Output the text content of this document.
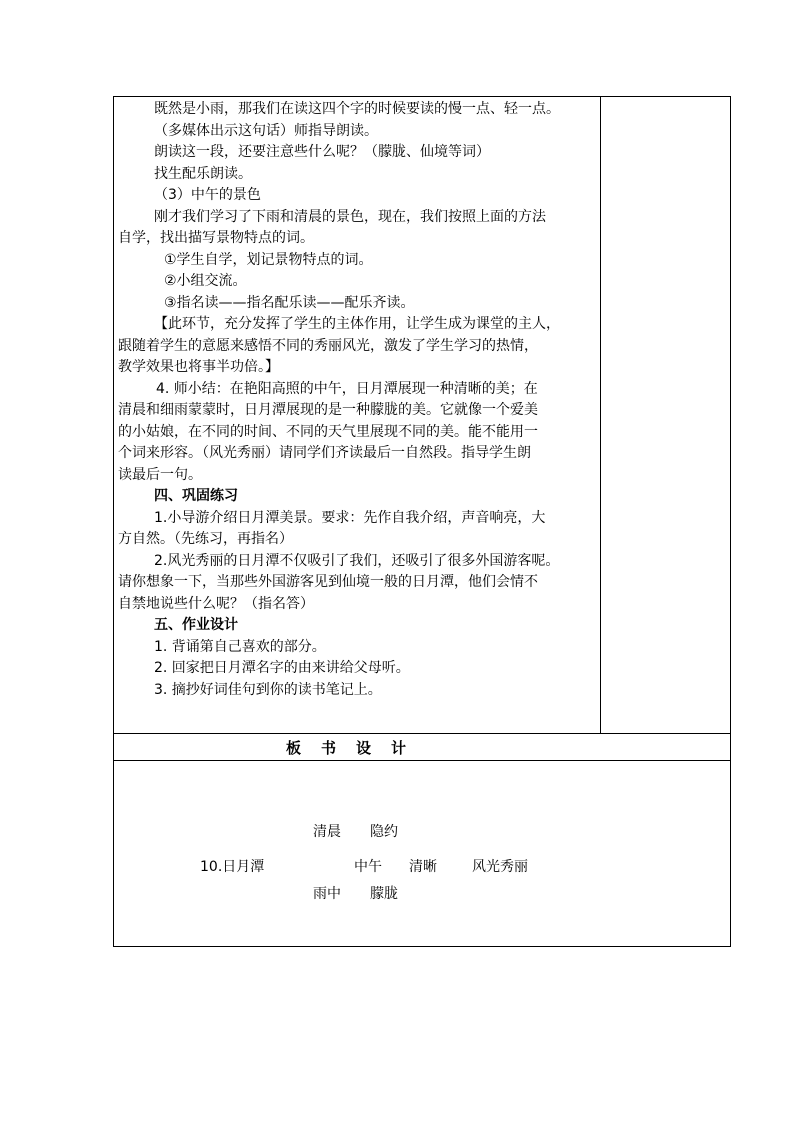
既然是小雨，那我们在读这四个字的时候要读的慢一点、轻一点。

（多媒体出示这句话）师指导朗读。

朗读这一段，还要注意些什么呢？（朦胧、仙境等词）

找生配乐朗读。

（3）中午的景色

刚才我们学习了下雨和清晨的景色，现在，我们按照上面的方法

自学，找出描写景物特点的词。

①学生自学，划记景物特点的词。

②小组交流。

③指名读——指名配乐读——配乐齐读。

【此环节，充分发挥了学生的主体作用，让学生成为课堂的主人，

跟随着学生的意愿来感悟不同的秀丽风光，激发了学生学习的热情，

教学效果也将事半功倍。】

4. 师小结：在艳阳高照的中午，日月潭展现一种清晰的美；在

清晨和细雨蒙蒙时，日月潭展现的是一种朦胧的美。它就像一个爱美

的小姑娘，在不同的时间、不同的天气里展现不同的美。能不能用一

个词来形容。（风光秀丽）请同学们齐读最后一自然段。指导学生朗

读最后一句。

四、巩固练习

1.小导游介绍日月潭美景。要求：先作自我介绍，声音响亮，大

方自然。（先练习，再指名）

2.风光秀丽的日月潭不仅吸引了我们，还吸引了很多外国游客呢。

请你想象一下，当那些外国游客见到仙境一般的日月潭，他们会情不

自禁地说些什么呢？（指名答）

五、作业设计

1. 背诵第自己喜欢的部分。

2. 回家把日月潭名字的由来讲给父母听。

3. 摘抄好词佳句到你的读书笔记上。

板书设计
清晨 隐约
10.日月潭	中午 清晰	风光秀丽
雨中 朦胧
